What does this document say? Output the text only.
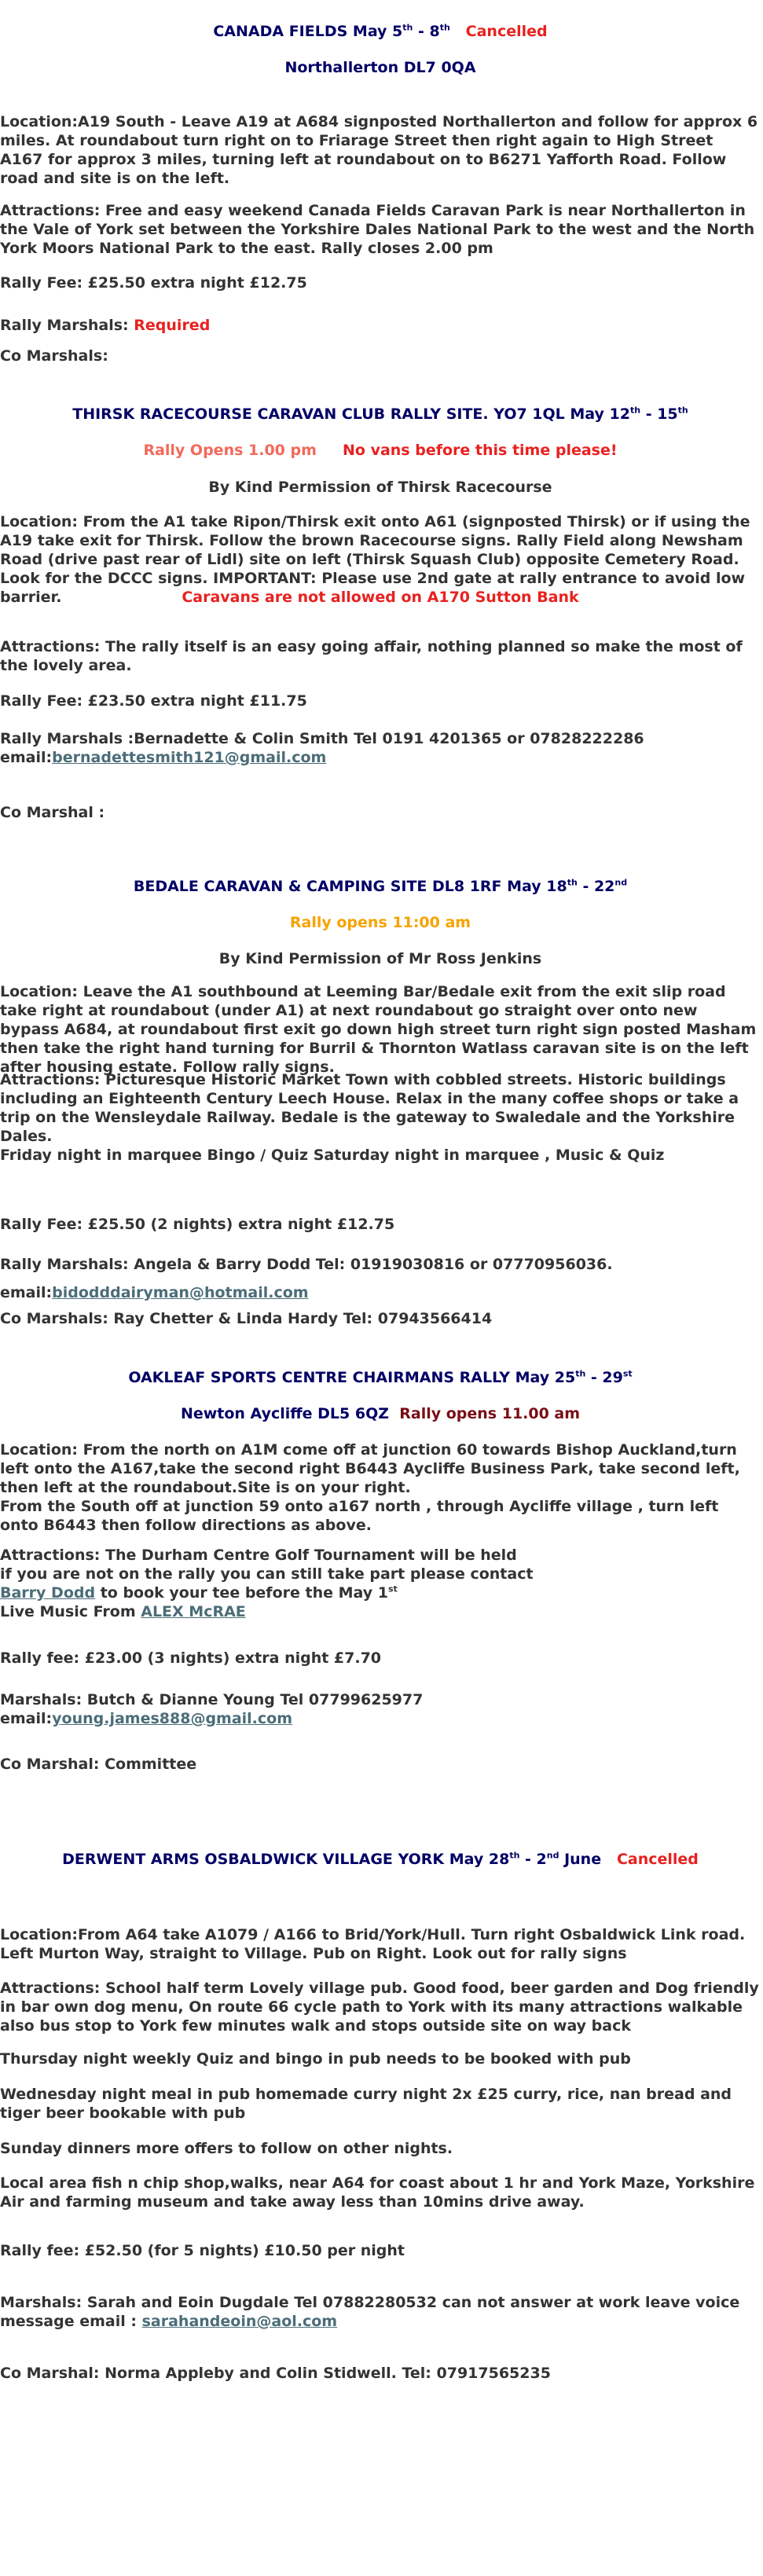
CANADA FIELDS May 5th - 8th Cancelled

Northallerton DL7 0QA

Location:A19 South - Leave A19 at A684 signposted Northallerton and follow for approx 6 miles. At roundabout turn right on to Friarage Street then right again to High Street A167 for approx 3 miles, turning left at roundabout on to B6271 Yafforth Road. Follow road and site is on the left.

Attractions: Free and easy weekend Canada Fields Caravan Park is near Northallerton in the Vale of York set between the Yorkshire Dales National Park to the west and the North York Moors National Park to the east. Rally closes 2.00 pm

Rally Fee: £25.50 extra night £12.75

Rally Marshals: Required

Co Marshals:

THIRSK RACECOURSE CARAVAN CLUB RALLY SITE. YO7 1QL May 12th - 15th

Rally Opens 1.00 pm No vans before this time please!

By Kind Permission of Thirsk Racecourse

Location: From the A1 take Ripon/Thirsk exit onto A61 (signposted Thirsk) or if using the A19 take exit for Thirsk. Follow the brown Racecourse signs. Rally Field along Newsham Road (drive past rear of Lidl) site on left (Thirsk Squash Club) opposite Cemetery Road. Look for the DCCC signs. IMPORTANT: Please use 2nd gate at rally entrance to avoid low barrier.	Caravans are not allowed on A170 Sutton Bank

Attractions: The rally itself is an easy going affair, nothing planned so make the most of the lovely area.

Rally Fee: £23.50 extra night £11.75

Rally Marshals :Bernadette & Colin Smith Tel 0191 4201365 or 07828222286
email:bernadettesmith121@gmail.com

Co Marshal :

BEDALE CARAVAN & CAMPING SITE DL8 1RF May 18th - 22nd

Rally opens 11:00 am

By Kind Permission of Mr Ross Jenkins

Location: Leave the A1 southbound at Leeming Bar/Bedale exit from the exit slip road take right at roundabout (under A1) at next roundabout go straight over onto new bypass A684, at roundabout first exit go down high street turn right sign posted Masham then take the right hand turning for Burril & Thornton Watlass caravan site is on the left after housing estate. Follow rally signs.

Attractions: Picturesque Historic Market Town with cobbled streets. Historic buildings including an Eighteenth Century Leech House. Relax in the many coffee shops or take a trip on the Wensleydale Railway. Bedale is the gateway to Swaledale and the Yorkshire Dales.
Friday night in marquee Bingo / Quiz Saturday night in marquee , Music & Quiz

Rally Fee: £25.50 (2 nights) extra night £12.75

Rally Marshals: Angela & Barry Dodd Tel: 01919030816 or 07770956036.

email:bidodddairyman@hotmail.com

Co Marshals: Ray Chetter & Linda Hardy Tel: 07943566414

OAKLEAF SPORTS CENTRE CHAIRMANS RALLY May 25th - 29st

Newton Aycliffe DL5 6QZ Rally opens 11.00 am

Location: From the north on A1M come off at junction 60 towards Bishop Auckland,turn left onto the A167,take the second right B6443 Aycliffe Business Park, take second left, then left at the roundabout.Site is on your right.
From the South off at junction 59 onto a167 north , through Aycliffe village , turn left onto B6443 then follow directions as above.

Attractions: The Durham Centre Golf Tournament will be held
if you are not on the rally you can still take part please contact
Barry Dodd to book your tee before the May 1st
Live Music From ALEX McRAE

Rally fee: £23.00 (3 nights) extra night £7.70

Marshals: Butch & Dianne Young Tel 07799625977
email:young.james888@gmail.com

Co Marshal: Committee

DERWENT ARMS OSBALDWICK VILLAGE YORK May 28th - 2nd June Cancelled

Location:From A64 take A1079 / A166 to Brid/York/Hull. Turn right Osbaldwick Link road. Left Murton Way, straight to Village. Pub on Right. Look out for rally signs

Attractions: School half term Lovely village pub. Good food, beer garden and Dog friendly in bar own dog menu, On route 66 cycle path to York with its many attractions walkable also bus stop to York few minutes walk and stops outside site on way back

Thursday night weekly Quiz and bingo in pub needs to be booked with pub

Wednesday night meal in pub homemade curry night 2x £25 curry, rice, nan bread and tiger beer bookable with pub

Sunday dinners more offers to follow on other nights.

Local area fish n chip shop,walks, near A64 for coast about 1 hr and York Maze, Yorkshire Air and farming museum and take away less than 10mins drive away.

Rally fee: £52.50 (for 5 nights) £10.50 per night

Marshals: Sarah and Eoin Dugdale Tel 07882280532 can not answer at work leave voice message email : sarahandeoin@aol.com

Co Marshal: Norma Appleby and Colin Stidwell. Tel: 07917565235
